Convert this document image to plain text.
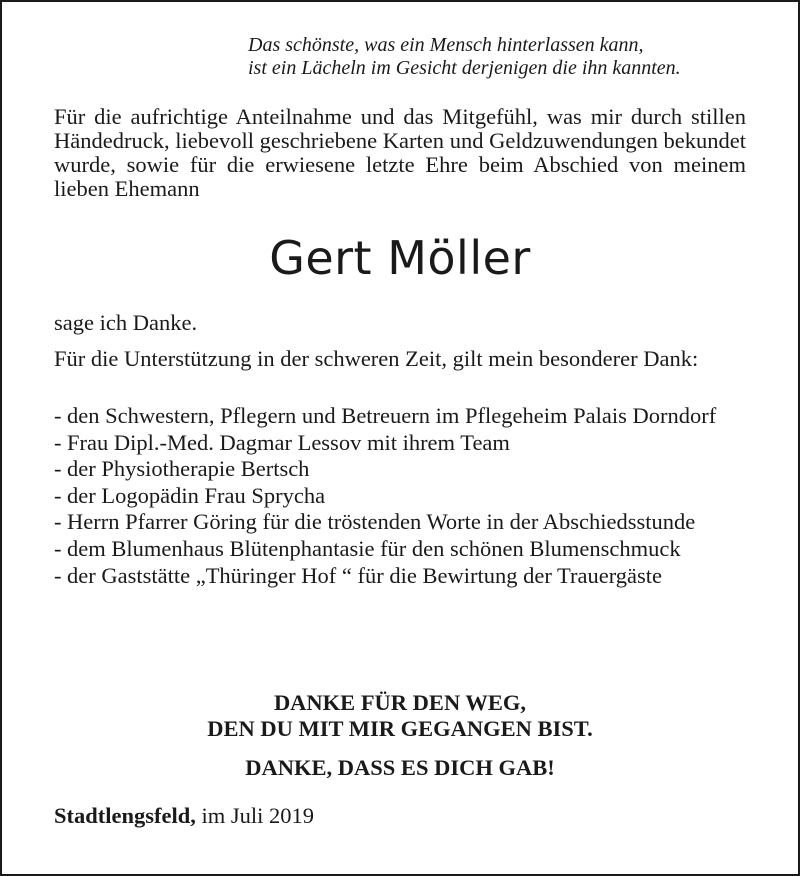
Das schönste, was ein Mensch hinterlassen kann,
ist ein Lächeln im Gesicht derjenigen die ihn kannten.
Für die aufrichtige Anteilnahme und das Mitgefühl, was mir durch stillen Händedruck, liebevoll geschriebene Karten und Geldzuwendungen bekundet wurde, sowie für die erwiesene letzte Ehre beim Abschied von meinem lieben Ehemann
Gert Möller
sage ich Danke.
Für die Unterstützung in der schweren Zeit, gilt mein besonderer Dank:
- den Schwestern, Pflegern und Betreuern im Pflegeheim Palais Dorndorf
- Frau Dipl.-Med. Dagmar Lessov mit ihrem Team
- der Physiotherapie Bertsch
- der Logopädin Frau Sprycha
- Herrn Pfarrer Göring für die tröstenden Worte in der Abschiedsstunde
- dem Blumenhaus Blütenphantasie für den schönen Blumenschmuck
- der Gaststätte „Thüringer Hof “ für die Bewirtung der Trauergäste
DANKE FÜR DEN WEG,
DEN DU MIT MIR GEGANGEN BIST.
DANKE, DASS ES DICH GAB!
Stadtlengsfeld, im Juli 2019
